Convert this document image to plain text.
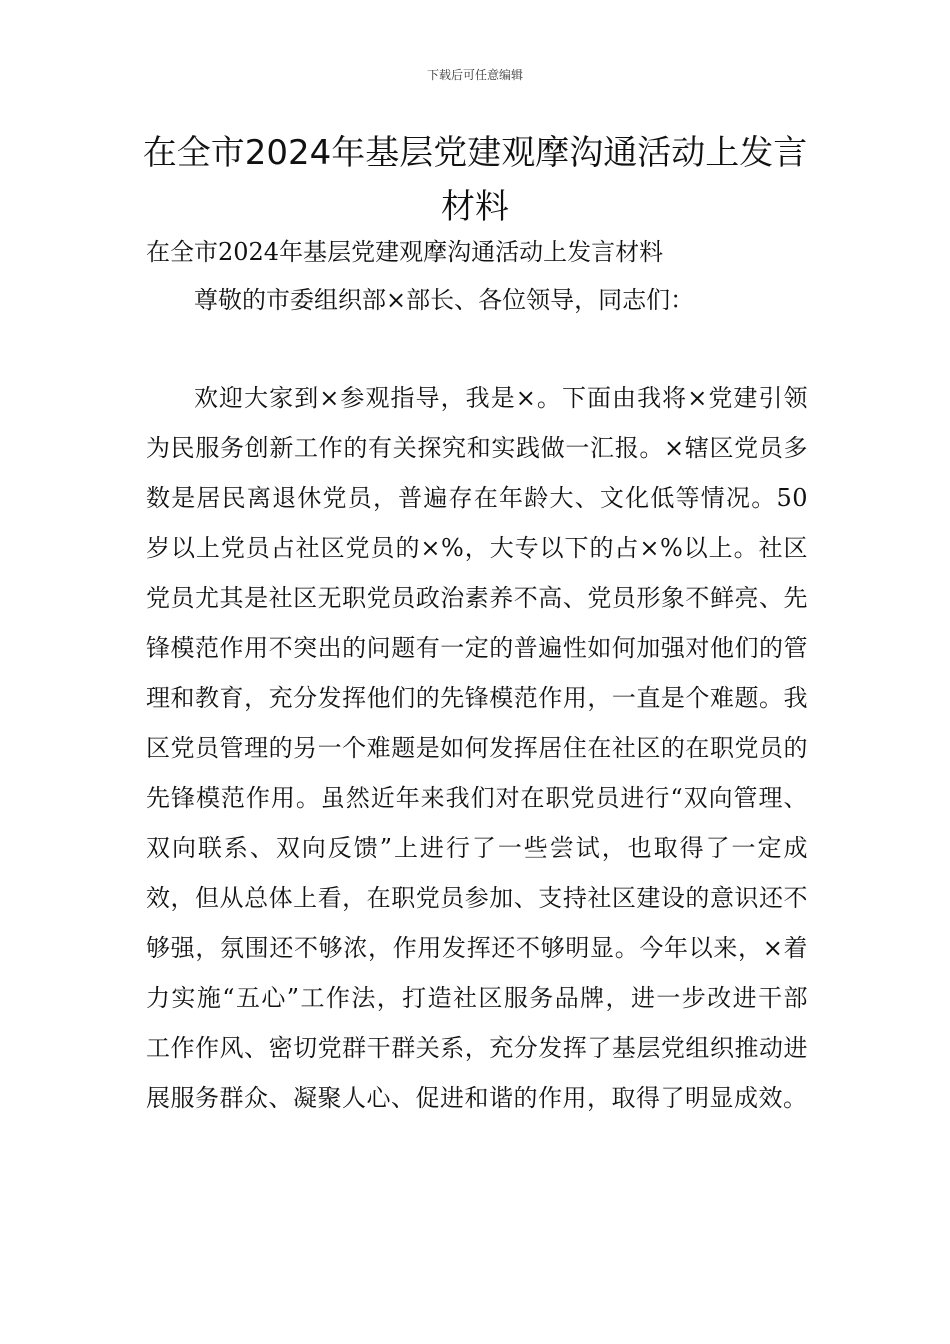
下载后可任意编辑
在全市2024年基层党建观摩沟通活动上发言材料
在全市2024年基层党建观摩沟通活动上发言材料
尊敬的市委组织部×部长、各位领导，同志们：

欢迎大家到×参观指导，我是×。下面由我将×党建引领为民服务创新工作的有关探究和实践做一汇报。×辖区党员多数是居民离退休党员，普遍存在年龄大、文化低等情况。50岁以上党员占社区党员的×%，大专以下的占×%以上。社区党员尤其是社区无职党员政治素养不高、党员形象不鲜亮、先锋模范作用不突出的问题有一定的普遍性如何加强对他们的管理和教育，充分发挥他们的先锋模范作用，一直是个难题。我区党员管理的另一个难题是如何发挥居住在社区的在职党员的先锋模范作用。虽然近年来我们对在职党员进行“双向管理、双向联系、双向反馈”上进行了一些尝试，也取得了一定成效，但从总体上看，在职党员参加、支持社区建设的意识还不够强，氛围还不够浓，作用发挥还不够明显。今年以来，×着力实施“五心”工作法，打造社区服务品牌，进一步改进干部工作作风、密切党群干群关系，充分发挥了基层党组织推动进展服务群众、凝聚人心、促进和谐的作用，取得了明显成效。
